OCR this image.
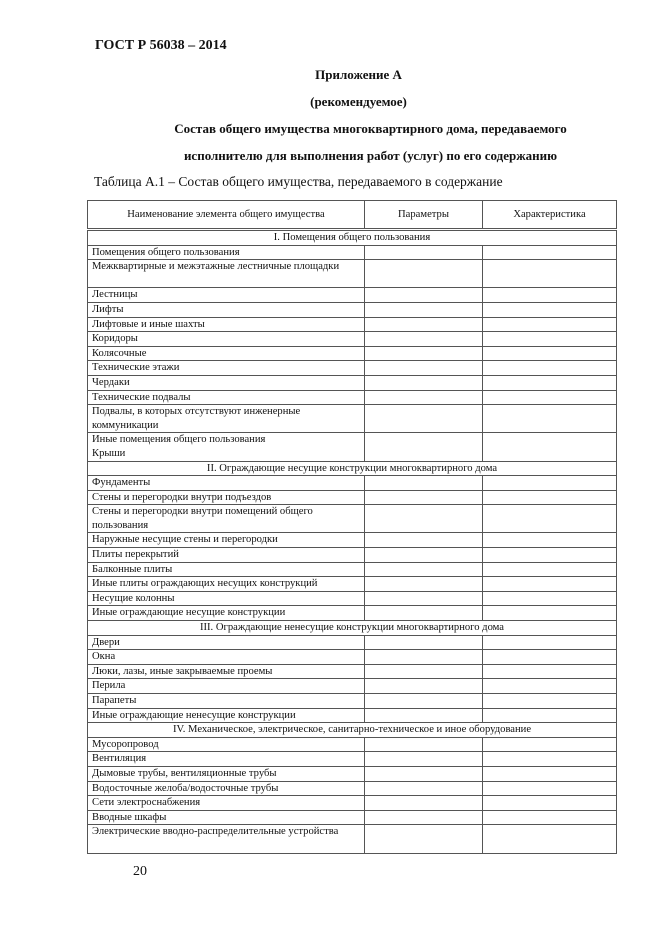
ГОСТ Р 56038 – 2014
Приложение А
(рекомендуемое)
Состав общего имущества многоквартирного дома, передаваемого
исполнителю для выполнения работ (услуг) по его содержанию
Таблица А.1 – Состав общего имущества, передаваемого в содержание
Наименование элемента общего имущества	Параметры	Характеристика
I. Помещения общего пользования		
Помещения общего пользования		
Межквартирные и межэтажные лестничные площадки		
Лестницы		
Лифты		
Лифтовые и иные шахты		
Коридоры		
Колясочные		
Технические этажи		
Чердаки		
Технические подвалы		
Подвалы, в которых отсутствуют инженерные коммуникации		
Иные помещения общего пользования
Крыши		
II. Ограждающие несущие конструкции многоквартирного дома		
Фундаменты		
Стены и перегородки внутри подъездов		
Стены и перегородки внутри помещений общего пользования		
Наружные несущие стены и перегородки		
Плиты перекрытий		
Балконные плиты		
Иные плиты ограждающих несущих конструкций		
Несущие колонны		
Иные ограждающие несущие конструкции		
III. Ограждающие ненесущие конструкции многоквартирного дома		
Двери		
Окна		
Люки, лазы, иные закрываемые проемы		
Перила		
Парапеты		
Иные ограждающие ненесущие конструкции		
IV. Механическое, электрическое, санитарно-техническое и иное оборудование		
Мусоропровод		
Вентиляция		
Дымовые трубы, вентиляционные трубы		
Водосточные желоба/водосточные трубы		
Сети электроснабжения		
Вводные шкафы		
Электрические вводно-распределительные устройства		
20
